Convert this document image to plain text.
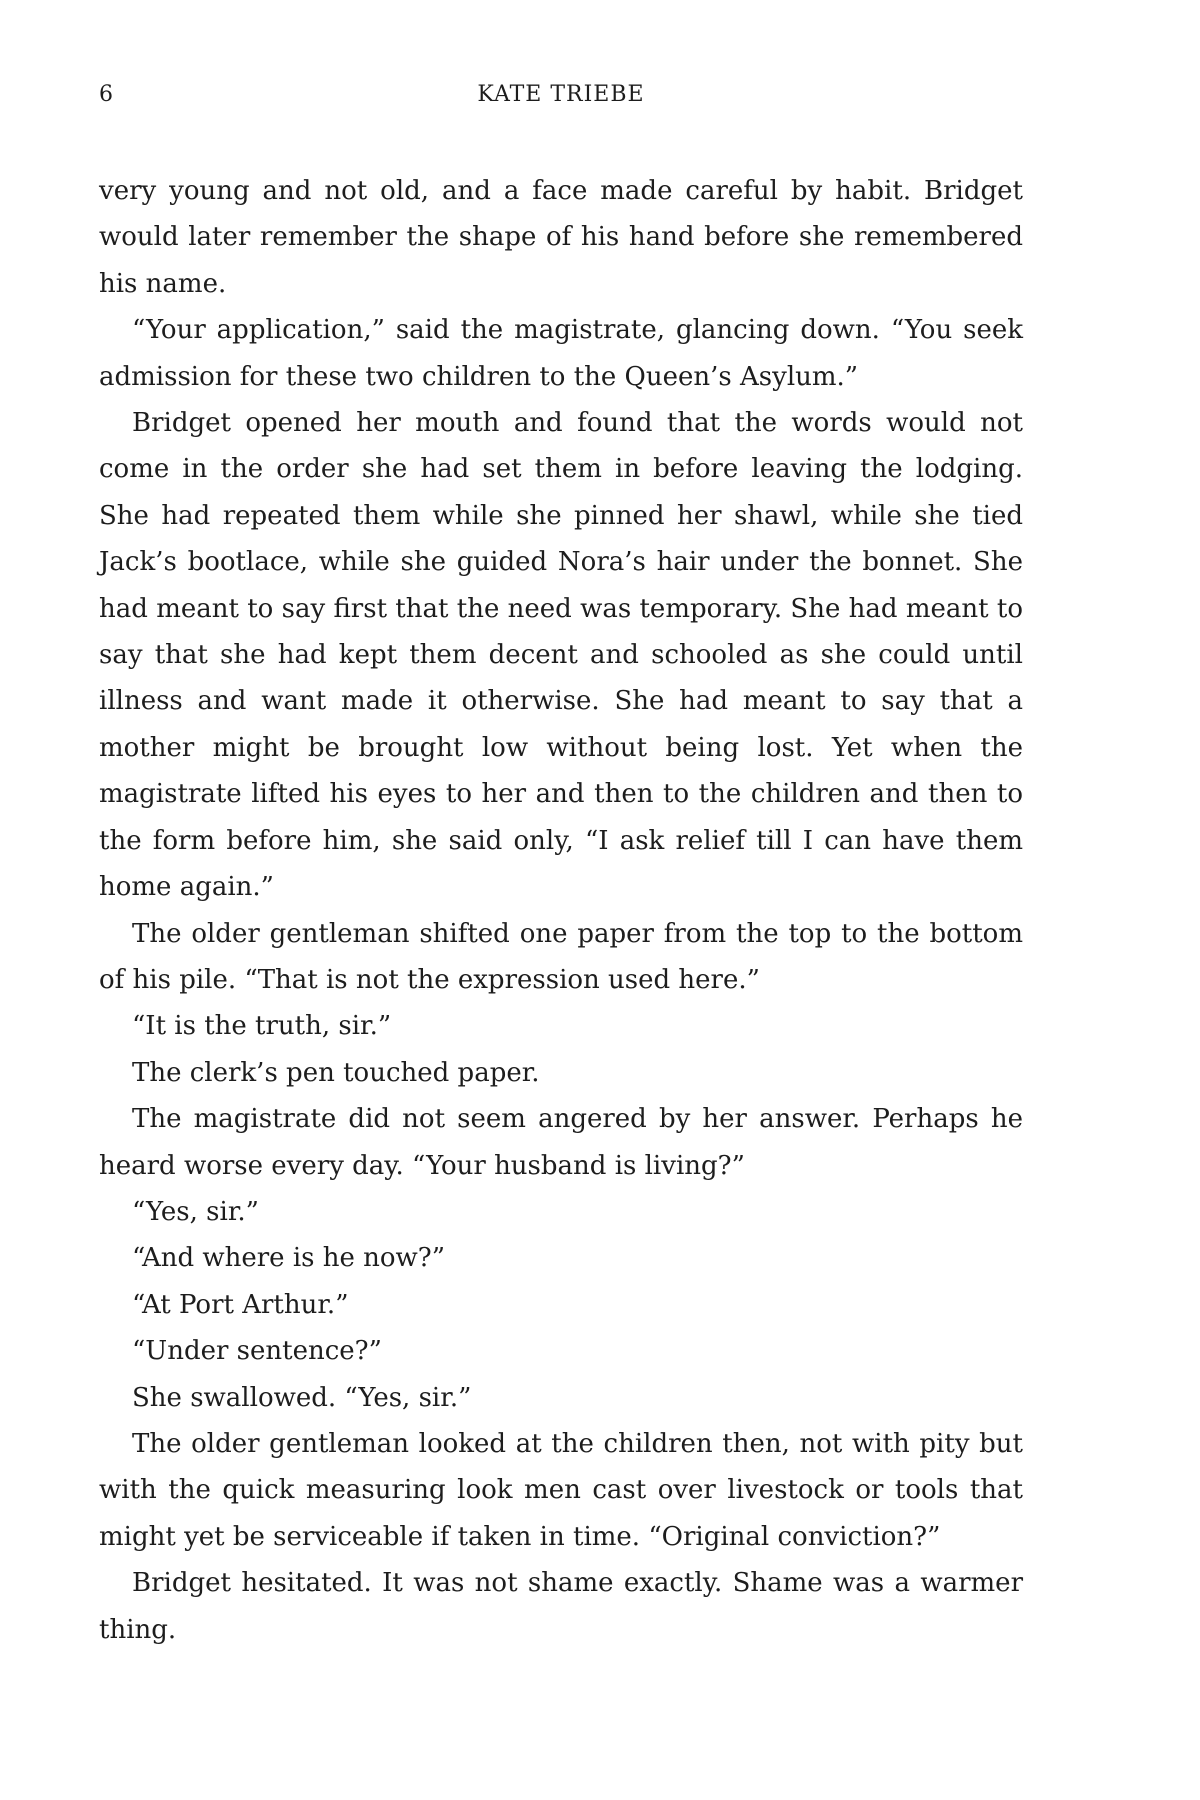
6	KATE TRIEBE

very young and not old, and a face made careful by habit. Bridget would later remember the shape of his hand before she remembered his name.

“Your application,” said the magistrate, glancing down. “You seek admission for these two children to the Queen’s Asylum.”

Bridget opened her mouth and found that the words would not come in the order she had set them in before leaving the lodging. She had repeated them while she pinned her shawl, while she tied Jack’s bootlace, while she guided Nora’s hair under the bonnet. She had meant to say first that the need was temporary. She had meant to say that she had kept them decent and schooled as she could until illness and want made it otherwise. She had meant to say that a mother might be brought low without being lost. Yet when the magistrate lifted his eyes to her and then to the children and then to the form before him, she said only, “I ask relief till I can have them home again.”

The older gentleman shifted one paper from the top to the bottom of his pile. “That is not the expression used here.”

“It is the truth, sir.”

The clerk’s pen touched paper.

The magistrate did not seem angered by her answer. Perhaps he heard worse every day. “Your husband is living?”

“Yes, sir.”

“And where is he now?”

“At Port Arthur.”

“Under sentence?”

She swallowed. “Yes, sir.”

The older gentleman looked at the children then, not with pity but with the quick measuring look men cast over livestock or tools that might yet be serviceable if taken in time. “Original conviction?”

Bridget hesitated. It was not shame exactly. Shame was a warmer thing.
